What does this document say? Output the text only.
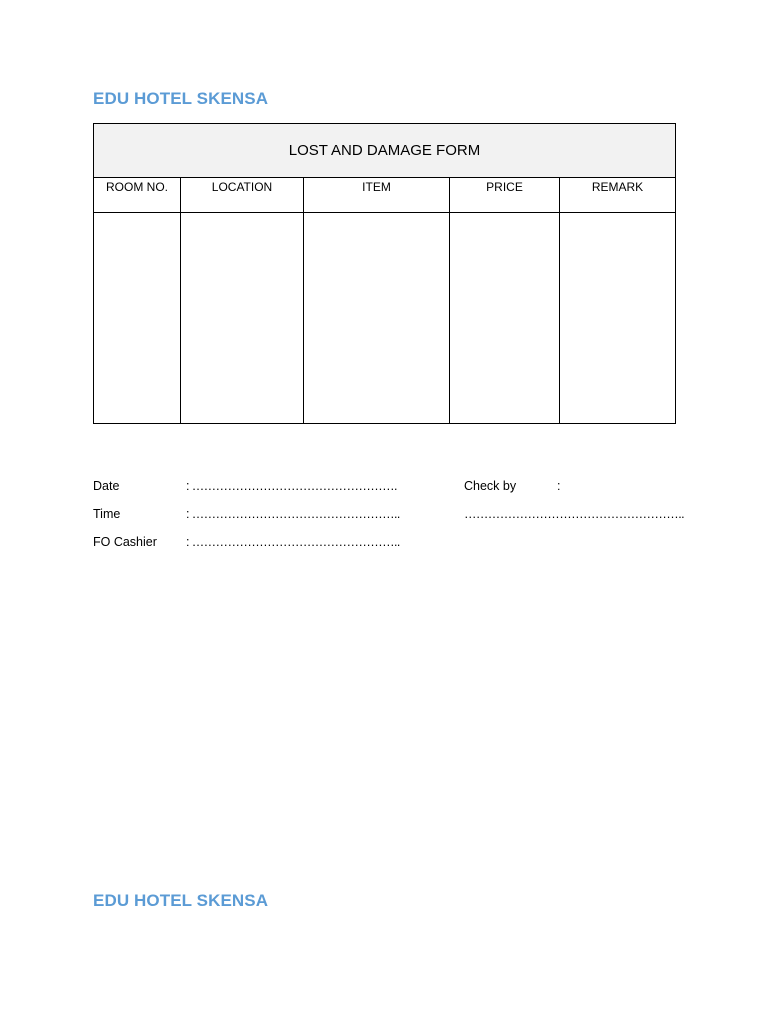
EDU HOTEL SKENSA
LOST AND DAMAGE FORM				
ROOM NO.	LOCATION	ITEM	PRICE	REMARK

Date	: …………………………………………….
Time	: ……………………………………………..
FO Cashier : ……………………………………………..
Check by	:
………………………………………………..
EDU HOTEL SKENSA
